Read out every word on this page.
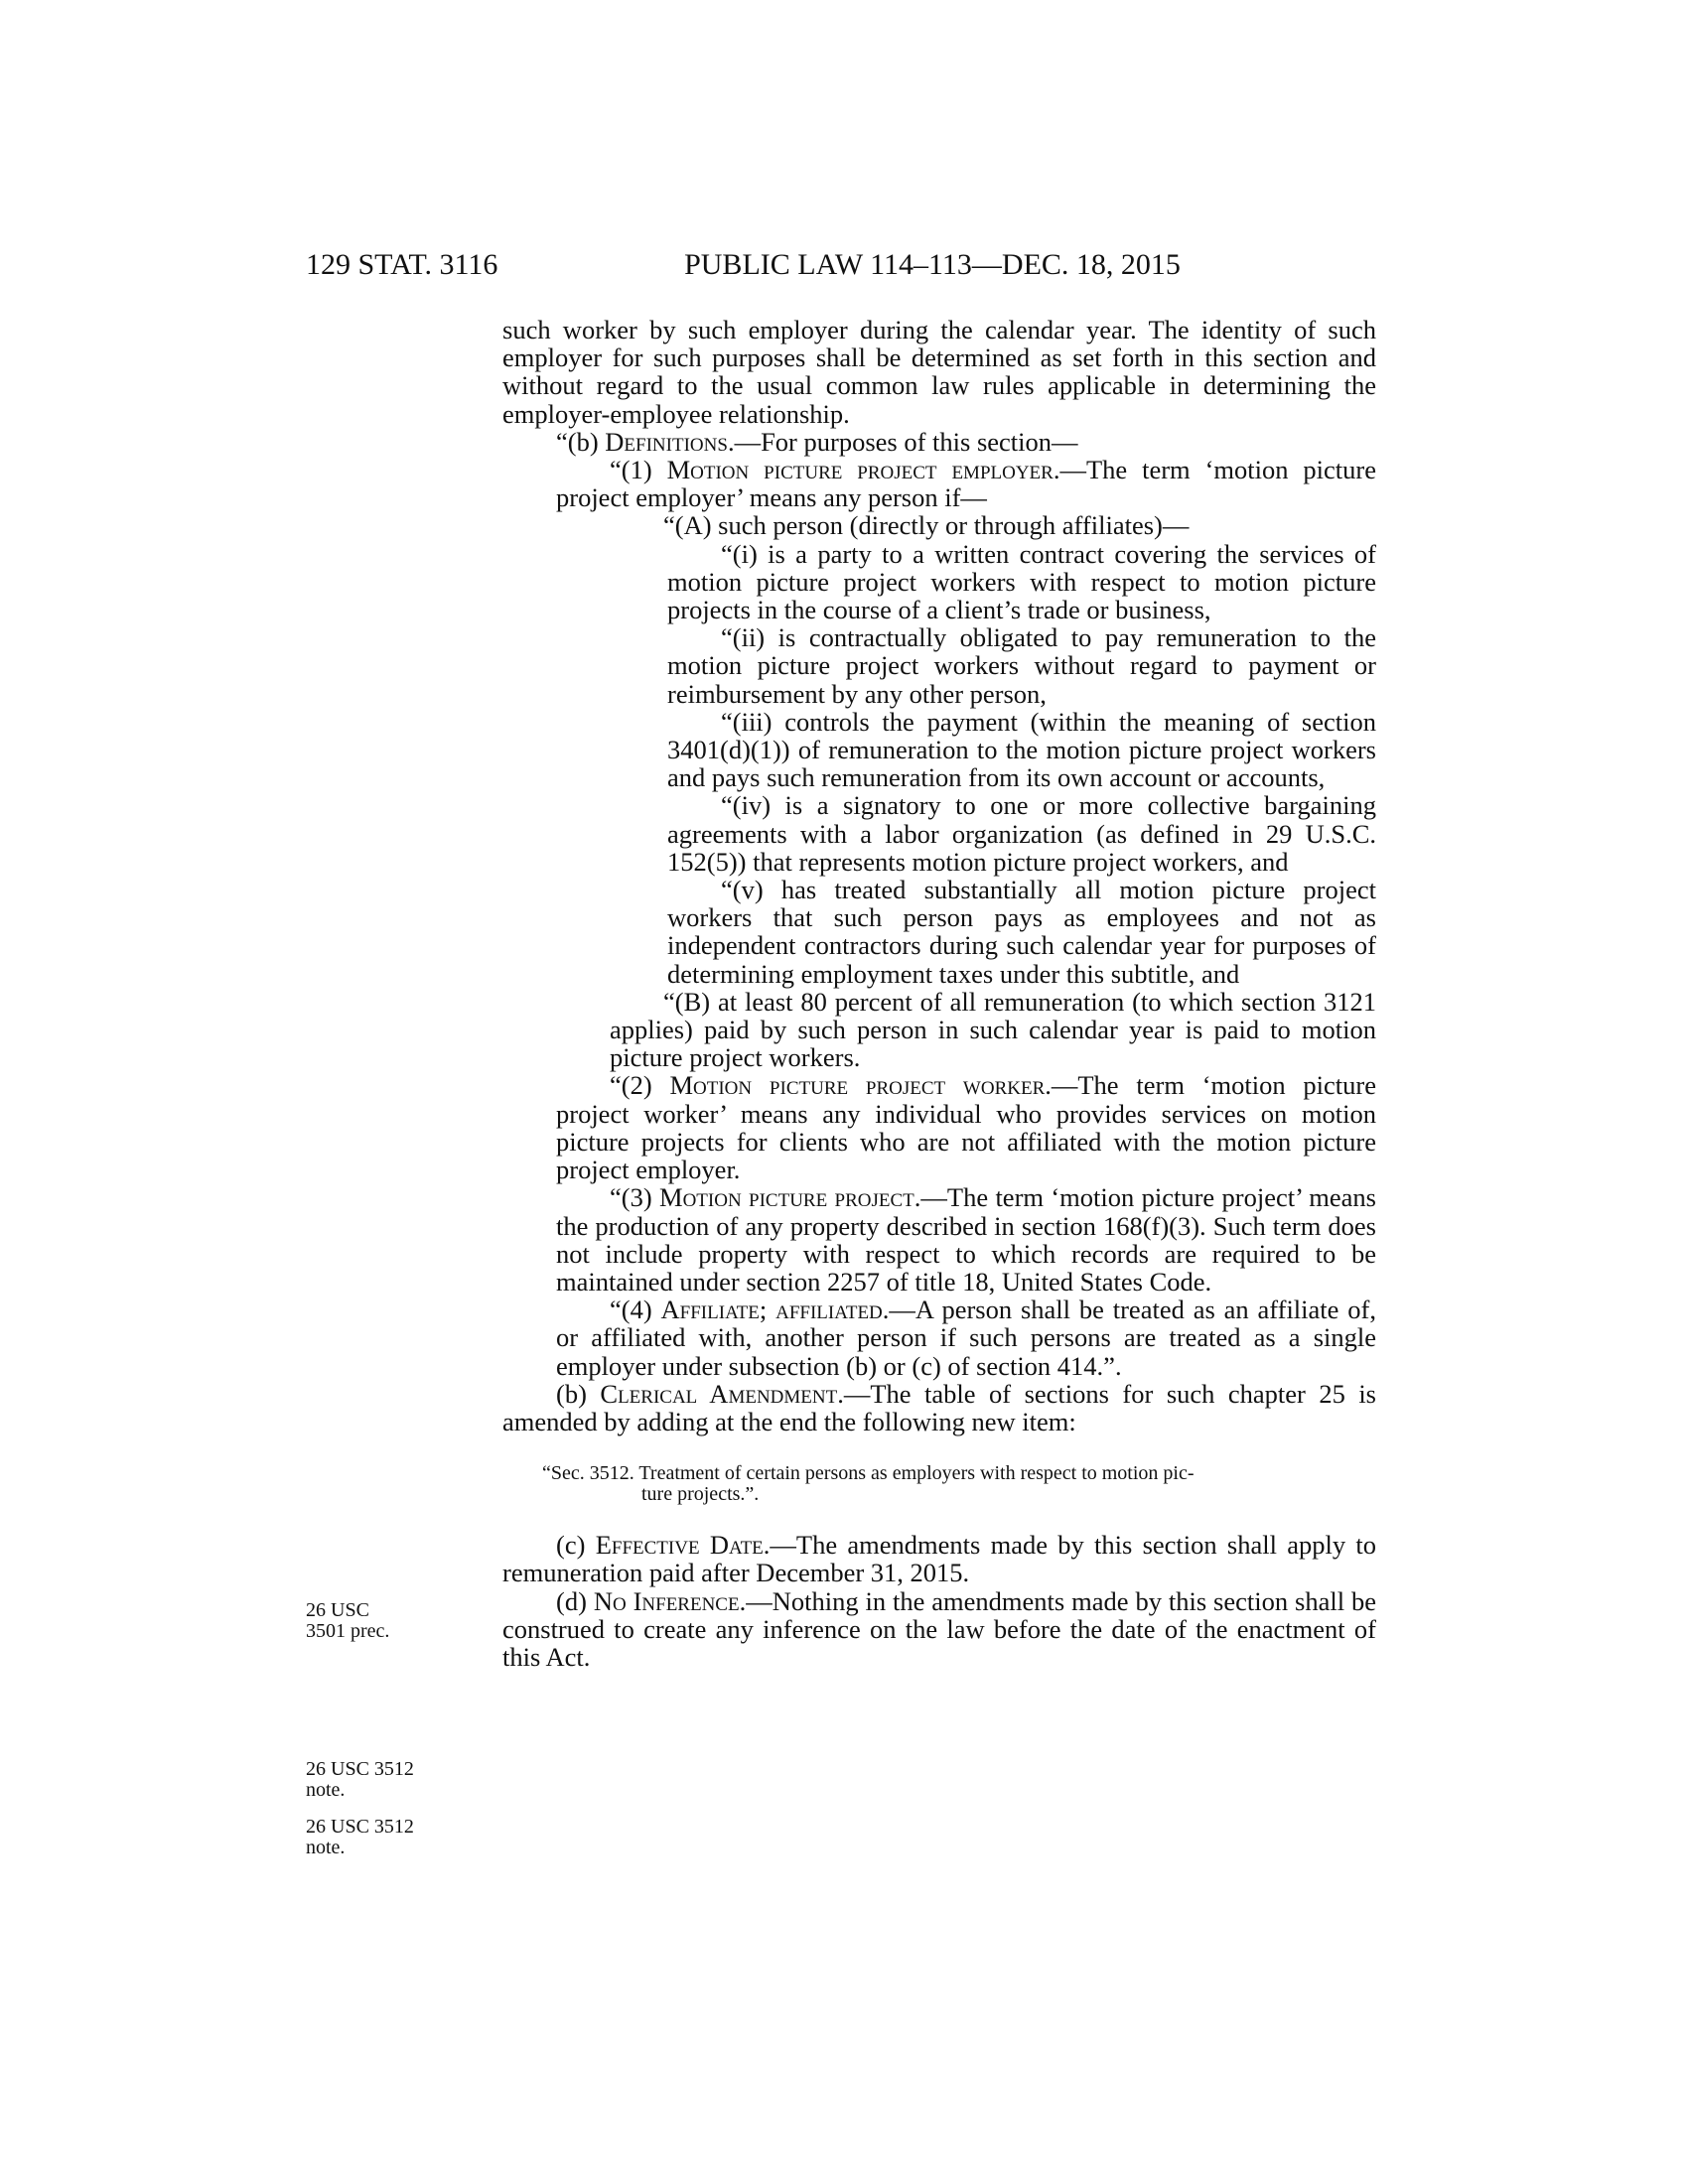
129 STAT. 3116	PUBLIC LAW 114–113—DEC. 18, 2015

such worker by such employer during the calendar year. The identity of such employer for such purposes shall be determined as set forth in this section and without regard to the usual common law rules applicable in determining the employer-employee relationship.

“(b) Definitions.—For purposes of this section—

“(1) Motion picture project employer.—The term ‘motion picture project employer’ means any person if—

“(A) such person (directly or through affiliates)—

“(i) is a party to a written contract covering the services of motion picture project workers with respect to motion picture projects in the course of a client’s trade or business,

“(ii) is contractually obligated to pay remuneration to the motion picture project workers without regard to payment or reimbursement by any other person,

“(iii) controls the payment (within the meaning of section 3401(d)(1)) of remuneration to the motion picture project workers and pays such remuneration from its own account or accounts,

“(iv) is a signatory to one or more collective bargaining agreements with a labor organization (as defined in 29 U.S.C. 152(5)) that represents motion picture project workers, and

“(v) has treated substantially all motion picture project workers that such person pays as employees and not as independent contractors during such calendar year for purposes of determining employment taxes under this subtitle, and

“(B) at least 80 percent of all remuneration (to which section 3121 applies) paid by such person in such calendar year is paid to motion picture project workers.

“(2) Motion picture project worker.—The term ‘motion picture project worker’ means any individual who provides services on motion picture projects for clients who are not affiliated with the motion picture project employer.

“(3) Motion picture project.—The term ‘motion picture project’ means the production of any property described in section 168(f)(3). Such term does not include property with respect to which records are required to be maintained under section 2257 of title 18, United States Code.

“(4) Affiliate; affiliated.—A person shall be treated as an affiliate of, or affiliated with, another person if such persons are treated as a single employer under subsection (b) or (c) of section 414.”.

(b) Clerical Amendment.—The table of sections for such chapter 25 is amended by adding at the end the following new item:

“Sec. 3512. Treatment of certain persons as employers with respect to motion pic-
ture projects.”.

(c) Effective Date.—The amendments made by this section shall apply to remuneration paid after December 31, 2015.

(d) No Inference.—Nothing in the amendments made by this section shall be construed to create any inference on the law before the date of the enactment of this Act.

26 USC
3501 prec.
26 USC 3512
note.
26 USC 3512
note.
